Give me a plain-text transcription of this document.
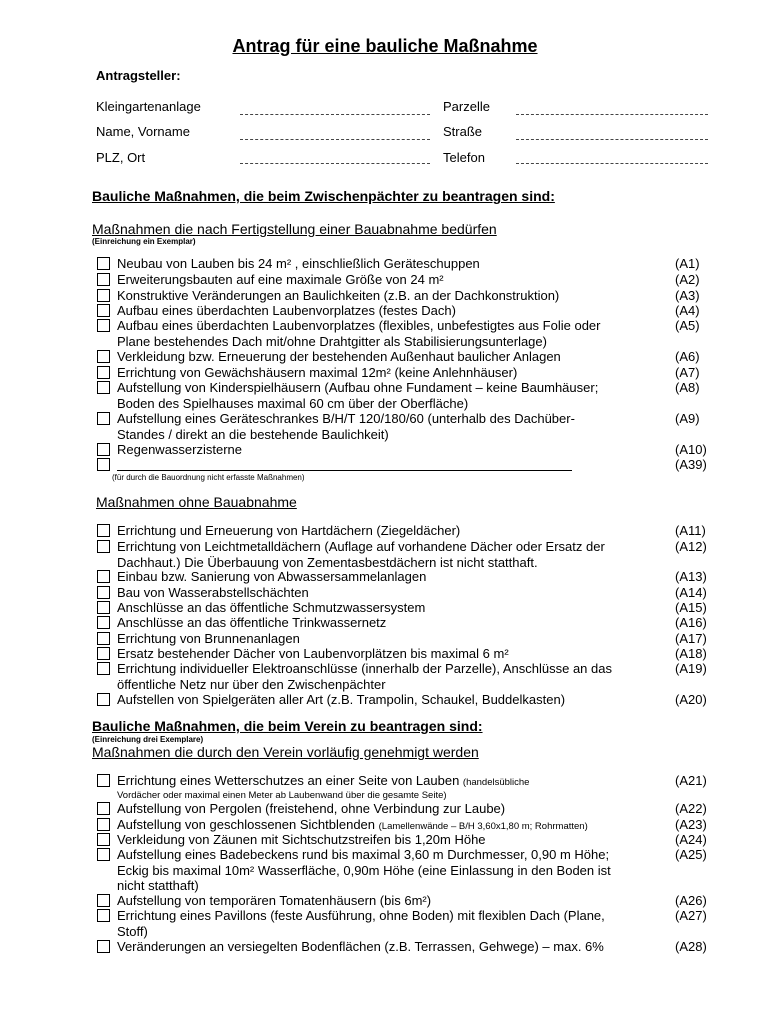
Antrag für eine bauliche Maßnahme
Antragsteller:
Kleingartenanlage	Parzelle
Name, Vorname	Straße
PLZ, Ort	Telefon
Bauliche Maßnahmen, die beim Zwischenpächter zu beantragen sind:
Maßnahmen die nach Fertigstellung einer Bauabnahme bedürfen
(Einreichung ein Exemplar)
Neubau von Lauben bis 24 m² , einschließlich Geräteschuppen	(A1)
Erweiterungsbauten auf eine maximale Größe von 24 m²	(A2)
Konstruktive Veränderungen an Baulichkeiten (z.B. an der Dachkonstruktion)	(A3)
Aufbau eines überdachten Laubenvorplatzes (festes Dach)	(A4)
Aufbau eines überdachten Laubenvorplatzes (flexibles, unbefestigtes aus Folie oder
Plane bestehendes Dach mit/ohne Drahtgitter als Stabilisierungsunterlage)
(A5)
Verkleidung bzw. Erneuerung der bestehenden Außenhaut baulicher Anlagen	(A6)
Errichtung von Gewächshäusern maximal 12m² (keine Anlehnhäuser)	(A7)
Aufstellung von Kinderspielhäusern (Aufbau ohne Fundament – keine Baumhäuser;
Boden des Spielhauses maximal 60 cm über der Oberfläche)
(A8)
Aufstellung eines Geräteschrankes B/H/T 120/180/60 (unterhalb des Dachüber-
Standes / direkt an die bestehende Baulichkeit)
(A9)
Regenwasserzisterne	(A10)
(A39)
(für durch die Bauordnung nicht erfasste Maßnahmen)
Maßnahmen ohne Bauabnahme
Errichtung und Erneuerung von Hartdächern (Ziegeldächer)	(A11)
Errichtung von Leichtmetalldächern (Auflage auf vorhandene Dächer oder Ersatz der
Dachhaut.) Die Überbauung von Zementasbestdächern ist nicht statthaft.
(A12)
Einbau bzw. Sanierung von Abwassersammelanlagen	(A13)
Bau von Wasserabstellschächten	(A14)
Anschlüsse an das öffentliche Schmutzwassersystem	(A15)
Anschlüsse an das öffentliche Trinkwassernetz	(A16)
Errichtung von Brunnenanlagen	(A17)
Ersatz bestehender Dächer von Laubenvorplätzen bis maximal 6 m²	(A18)
Errichtung individueller Elektroanschlüsse (innerhalb der Parzelle), Anschlüsse an das
öffentliche Netz nur über den Zwischenpächter
(A19)
Aufstellen von Spielgeräten aller Art (z.B. Trampolin, Schaukel, Buddelkasten)	(A20)
Bauliche Maßnahmen, die beim Verein zu beantragen sind:
(Einreichung drei Exemplare)
Maßnahmen die durch den Verein vorläufig genehmigt werden
Errichtung eines Wetterschutzes an einer Seite von Lauben (handelsübliche
Vordächer oder maximal einen Meter ab Laubenwand über die gesamte Seite)
(A21)
Aufstellung von Pergolen (freistehend, ohne Verbindung zur Laube)	(A22)
Aufstellung von geschlossenen Sichtblenden (Lamellenwände – B/H 3,60x1,80 m; Rohrmatten)	(A23)
Verkleidung von Zäunen mit Sichtschutzstreifen bis 1,20m Höhe	(A24)
Aufstellung eines Badebeckens rund bis maximal 3,60 m Durchmesser, 0,90 m Höhe;
Eckig bis maximal 10m² Wasserfläche, 0,90m Höhe (eine Einlassung in den Boden ist
nicht statthaft)
(A25)
Aufstellung von temporären Tomatenhäusern (bis 6m²)	(A26)
Errichtung eines Pavillons (feste Ausführung, ohne Boden) mit flexiblen Dach (Plane,
Stoff)
(A27)
Veränderungen an versiegelten Bodenflächen (z.B. Terrassen, Gehwege) – max. 6%	(A28)
